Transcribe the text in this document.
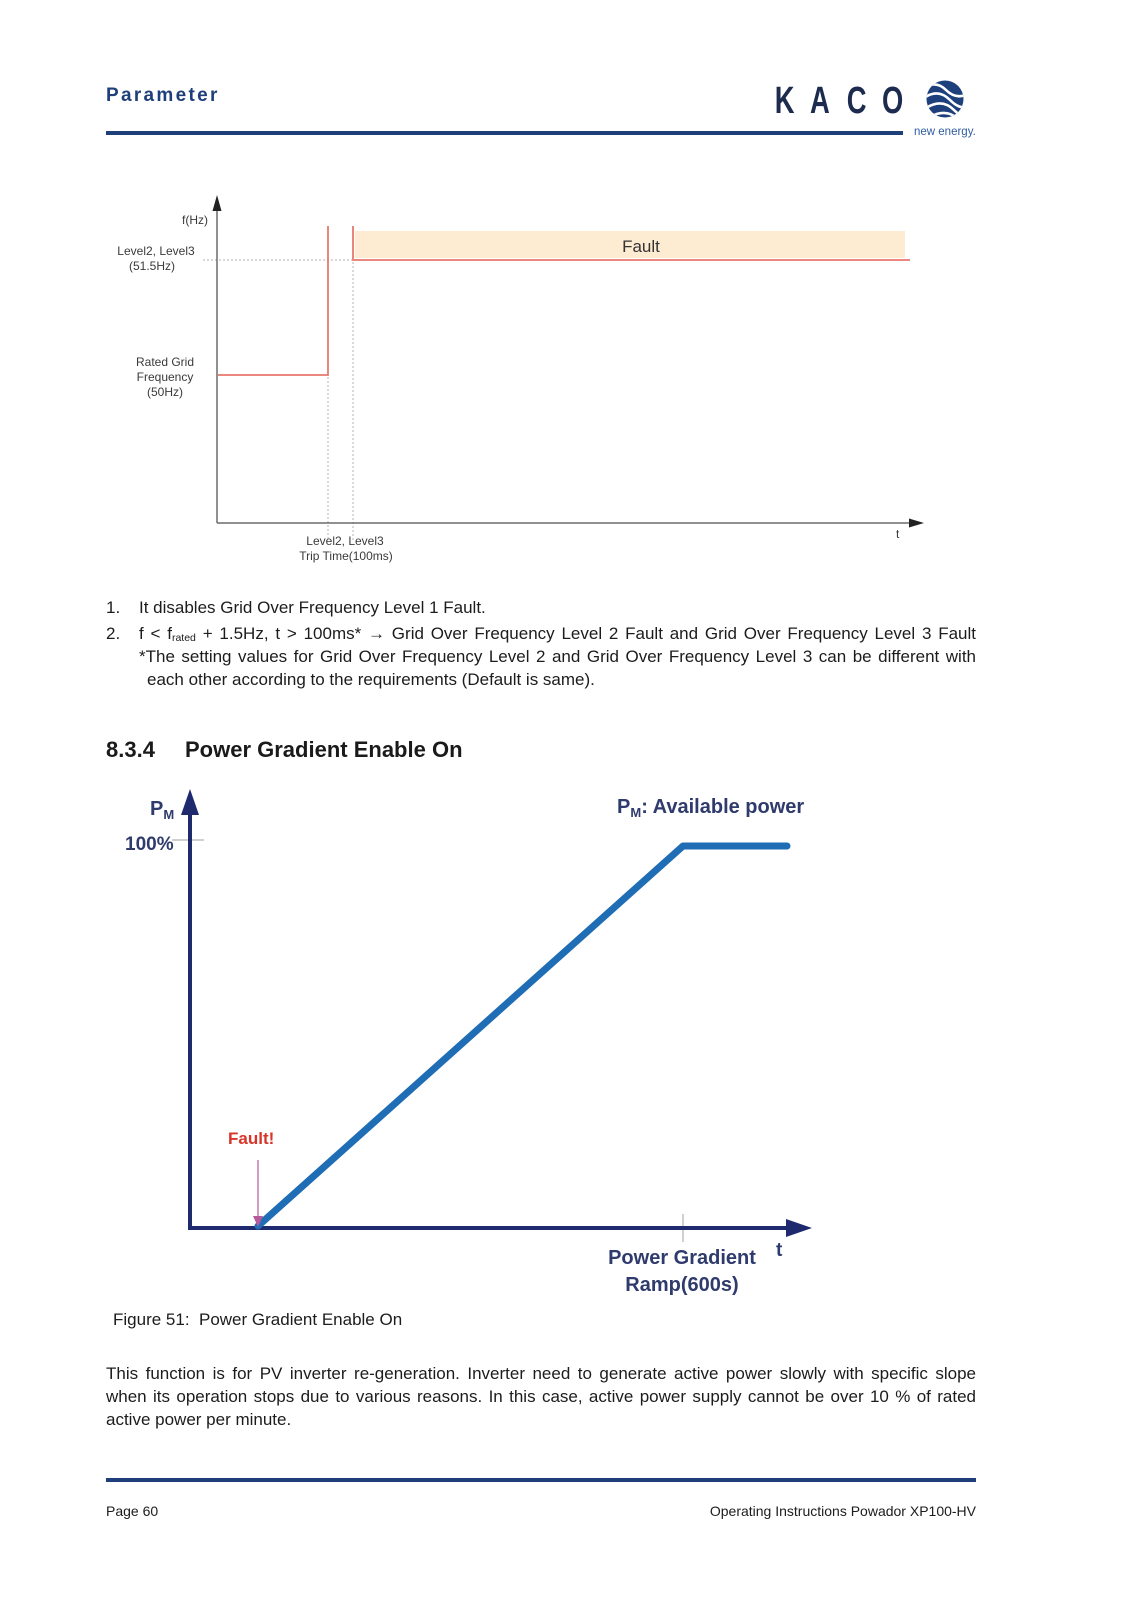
Parameter	KACO
new energy.
f(Hz)
Level2, Level3
(51.5Hz)
Rated Grid
Frequency
(50Hz)
Fault
t
Level2, Level3
Trip Time(100ms)
1. It disables Grid Over Frequency Level 1 Fault.
2. f < frated + 1.5Hz, t > 100ms* → Grid Over Frequency Level 2 Fault and Grid Over Frequency Level 3 Fault
*The setting values for Grid Over Frequency Level 2 and Grid Over Frequency Level 3 can be different with
each other according to the requirements (Default is same).
8.3.4 Power Gradient Enable On
$P_M$
100%
$P_M$: Available power
Fault!
Power Gradient
Ramp(600s)
t
Figure 51:  Power Gradient Enable On
This function is for PV inverter re-generation. Inverter need to generate active power slowly with specific slope
when its operation stops due to various reasons. In this case, active power supply cannot be over 10 % of rated
active power per minute.
Page 60	Operating Instructions Powador XP100-HV
